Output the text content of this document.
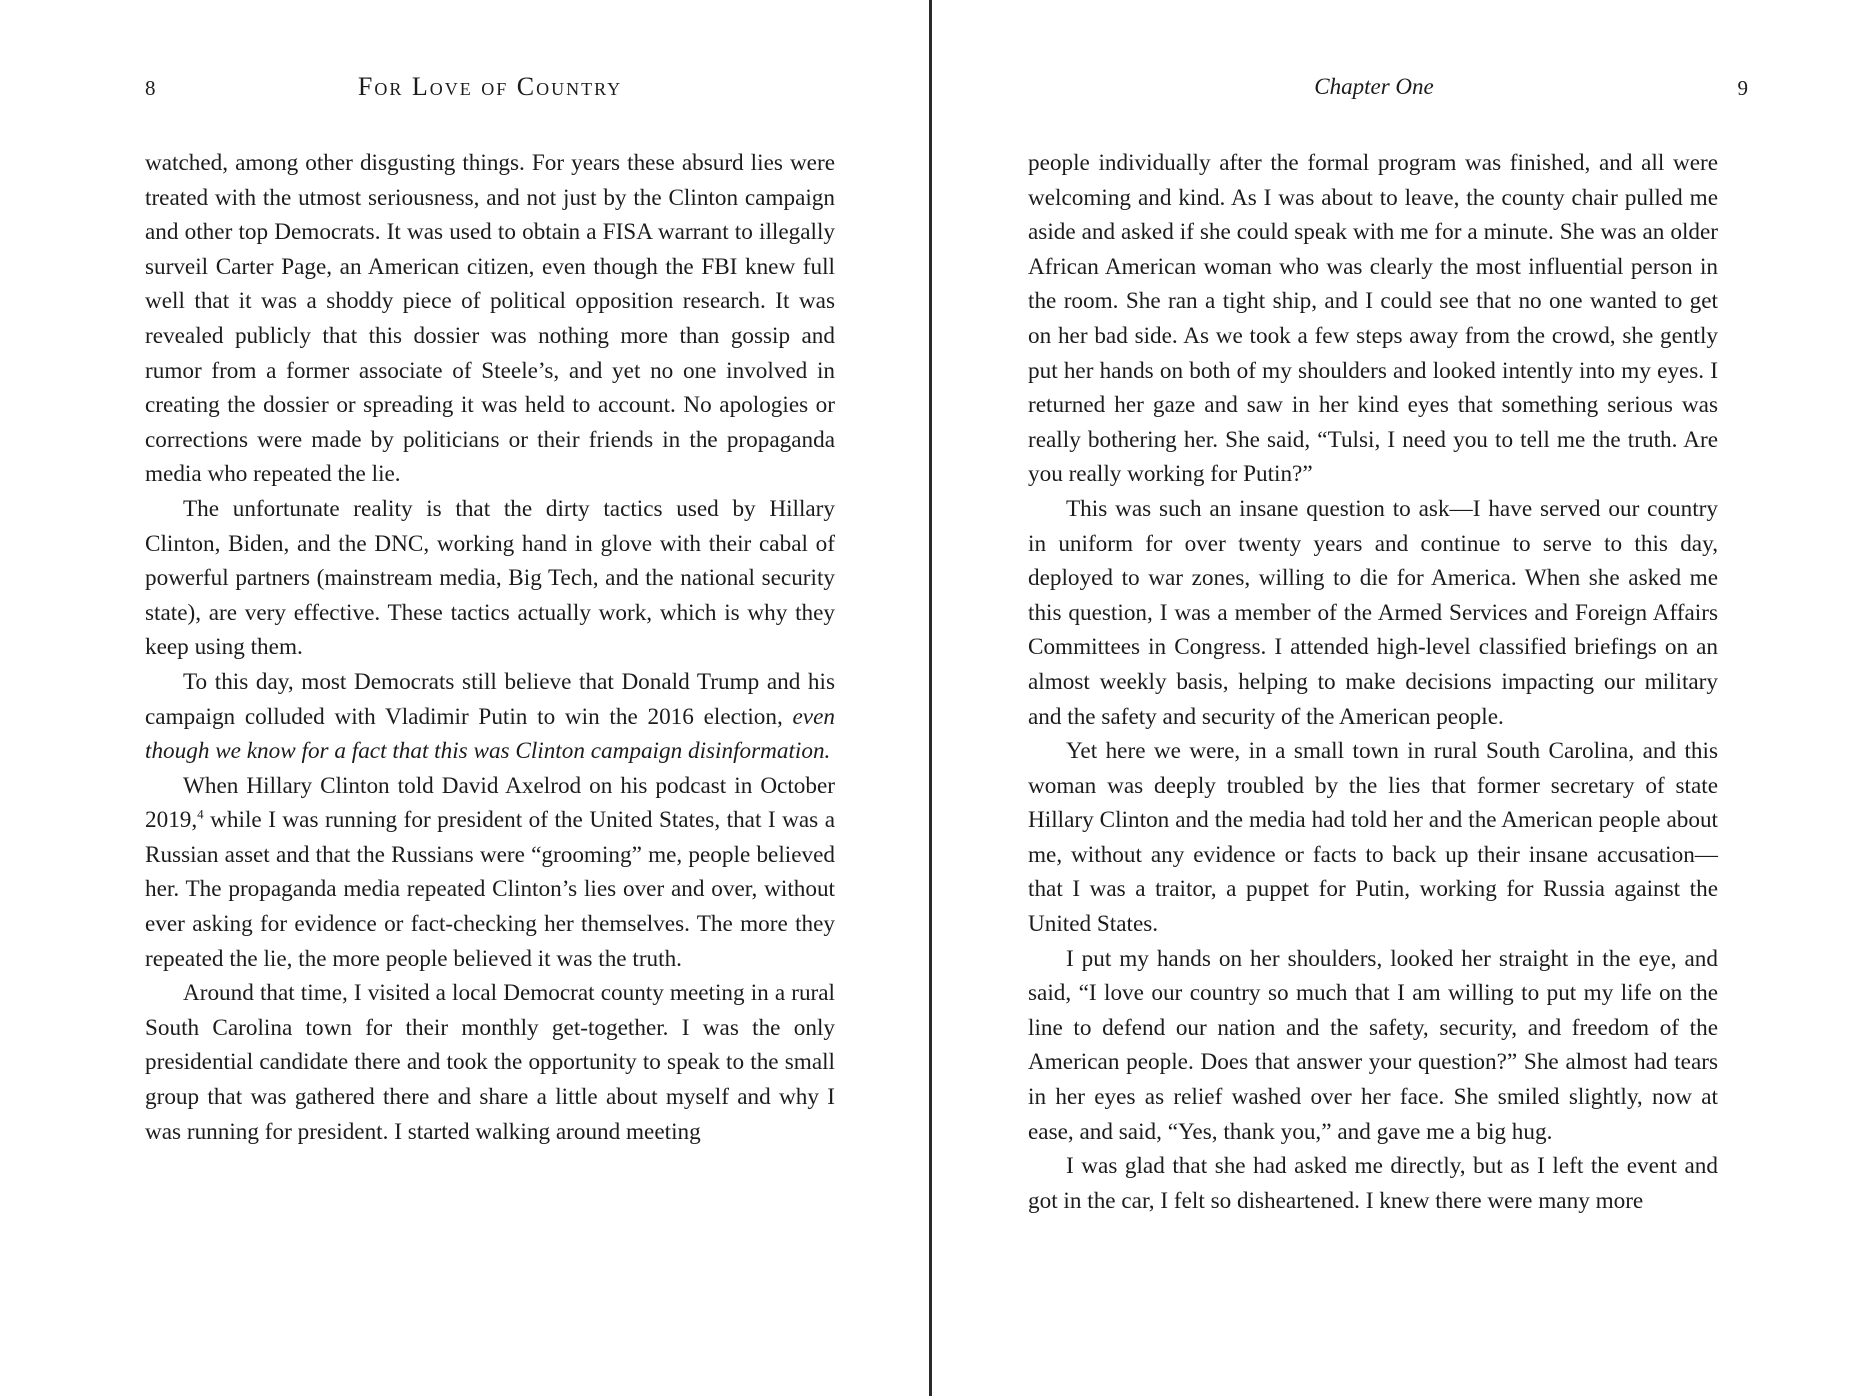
8	For Love of Country

watched, among other disgusting things. For years these absurd lies were treated with the utmost seriousness, and not just by the Clinton campaign and other top Democrats. It was used to obtain a FISA warrant to illegally surveil Carter Page, an American citizen, even though the FBI knew full well that it was a shoddy piece of political opposition research. It was revealed publicly that this dossier was nothing more than gossip and rumor from a former associate of Steele’s, and yet no one involved in creating the dossier or spreading it was held to account. No apologies or corrections were made by politicians or their friends in the propaganda media who repeated the lie.

The unfortunate reality is that the dirty tactics used by Hillary Clinton, Biden, and the DNC, working hand in glove with their cabal of powerful partners (mainstream media, Big Tech, and the national security state), are very effective. These tactics actually work, which is why they keep using them.

To this day, most Democrats still believe that Donald Trump and his campaign colluded with Vladimir Putin to win the 2016 election, even though we know for a fact that this was Clinton campaign disinformation.

When Hillary Clinton told David Axelrod on his podcast in October 2019,$^4$ while I was running for president of the United States, that I was a Russian asset and that the Russians were “grooming” me, people believed her. The propaganda media repeated Clinton’s lies over and over, without ever asking for evidence or fact-checking her themselves. The more they repeated the lie, the more people believed it was the truth.

Around that time, I visited a local Democrat county meeting in a rural South Carolina town for their monthly get-together. I was the only presidential candidate there and took the opportunity to speak to the small group that was gathered there and share a little about myself and why I was running for president. I started walking around meeting

Chapter One	9

people individually after the formal program was finished, and all were welcoming and kind. As I was about to leave, the county chair pulled me aside and asked if she could speak with me for a minute. She was an older African American woman who was clearly the most influential person in the room. She ran a tight ship, and I could see that no one wanted to get on her bad side. As we took a few steps away from the crowd, she gently put her hands on both of my shoulders and looked intently into my eyes. I returned her gaze and saw in her kind eyes that something serious was really bothering her. She said, “Tulsi, I need you to tell me the truth. Are you really working for Putin?”

This was such an insane question to ask—I have served our country in uniform for over twenty years and continue to serve to this day, deployed to war zones, willing to die for America. When she asked me this question, I was a member of the Armed Services and Foreign Affairs Committees in Congress. I attended high-level classified briefings on an almost weekly basis, helping to make decisions impacting our military and the safety and security of the American people.

Yet here we were, in a small town in rural South Carolina, and this woman was deeply troubled by the lies that former secretary of state Hillary Clinton and the media had told her and the American people about me, without any evidence or facts to back up their insane accusation—that I was a traitor, a puppet for Putin, working for Russia against the United States.

I put my hands on her shoulders, looked her straight in the eye, and said, “I love our country so much that I am willing to put my life on the line to defend our nation and the safety, security, and freedom of the American people. Does that answer your question?” She almost had tears in her eyes as relief washed over her face. She smiled slightly, now at ease, and said, “Yes, thank you,” and gave me a big hug.

I was glad that she had asked me directly, but as I left the event and got in the car, I felt so disheartened. I knew there were many more
